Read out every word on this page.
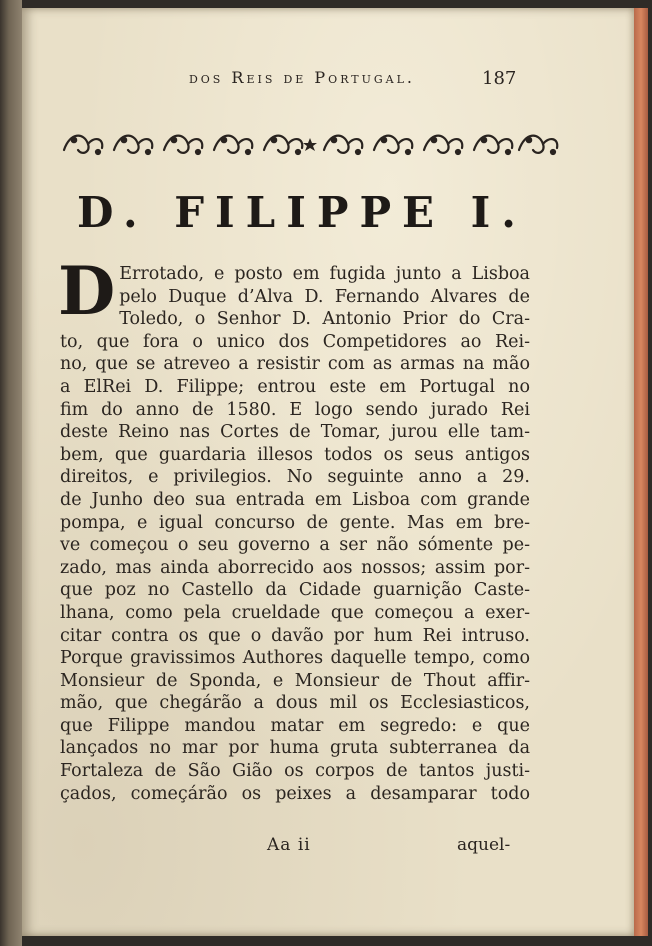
dos Reis de Portugal.	187
D. FILIPPE I.
D Errotado, e posto em fugida junto a Lisboa
pelo Duque d’Alva D. Fernando Alvares de
Toledo, o Senhor D. Antonio Prior do Cra-
to, que fora o unico dos Competidores ao Rei-
no, que se atreveo a resistir com as armas na mão
a ElRei D. Filippe; entrou este em Portugal no
fim do anno de 1580. E logo sendo jurado Rei
deste Reino nas Cortes de Tomar, jurou elle tam-
bem, que guardaria illesos todos os seus antigos
direitos, e privilegios. No seguinte anno a 29.
de Junho deo sua entrada em Lisboa com grande
pompa, e igual concurso de gente. Mas em bre-
ve começou o seu governo a ser não sómente pe-
zado, mas ainda aborrecido aos nossos; assim por-
que poz no Castello da Cidade guarnição Caste-
lhana, como pela crueldade que começou a exer-
citar contra os que o davão por hum Rei intruso.
Porque gravissimos Authores daquelle tempo, como
Monsieur de Sponda, e Monsieur de Thout affir-
mão, que chegárão a dous mil os Ecclesiasticos,
que Filippe mandou matar em segredo: e que
lançados no mar por huma gruta subterranea da
Fortaleza de São Gião os corpos de tantos justi-
çados, começárão os peixes a desamparar todo
Aa ii	aquel-
